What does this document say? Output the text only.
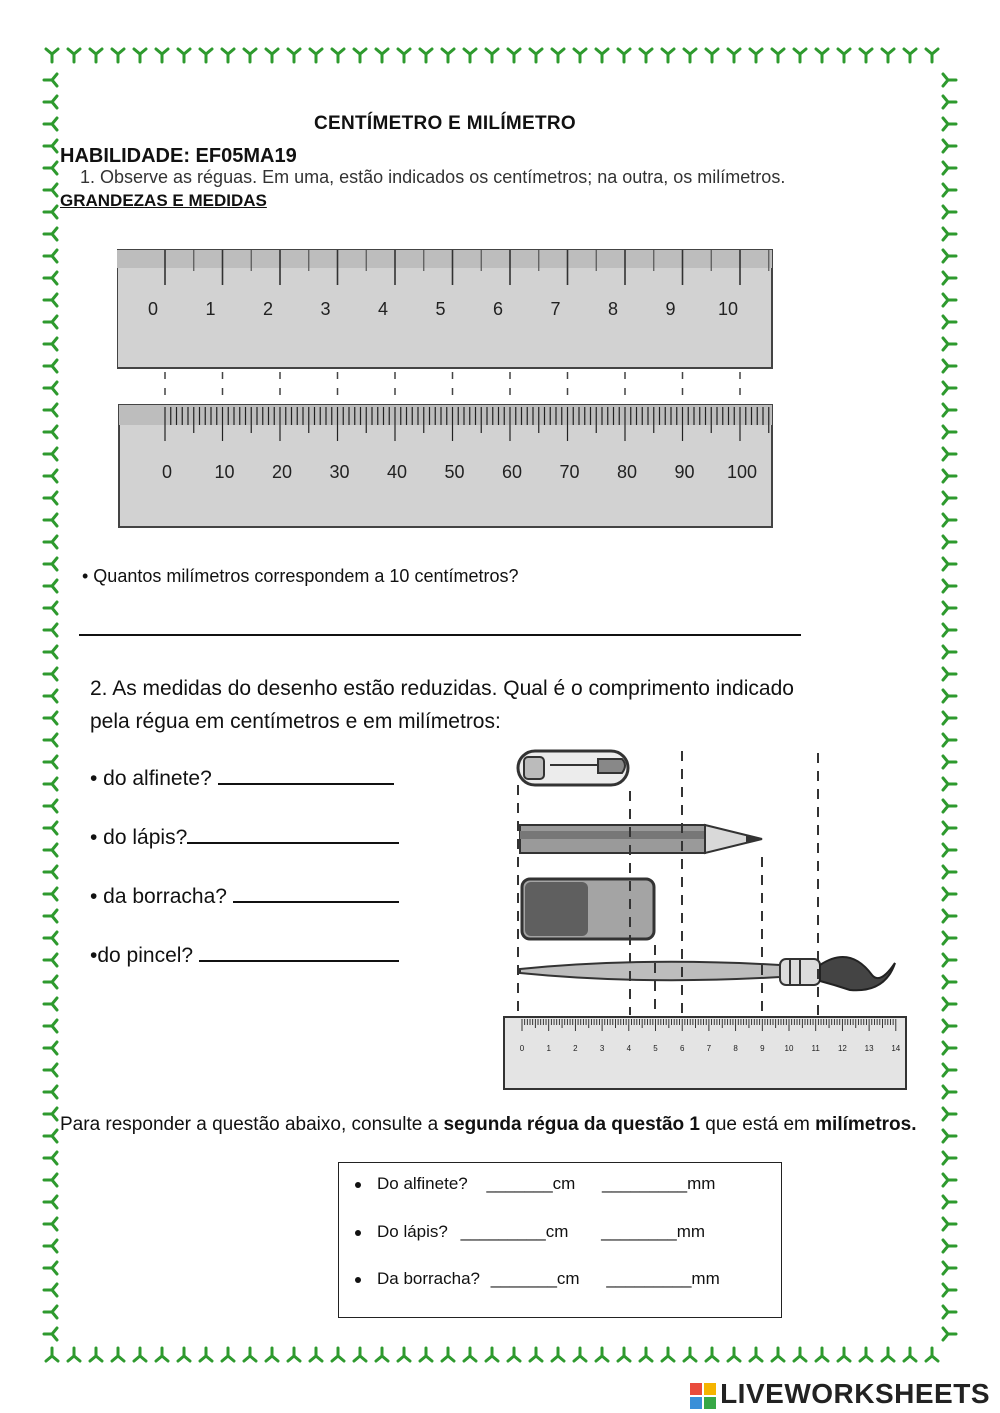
CENTÍMETRO E MILÍMETRO
1. Observe as réguas. Em uma, estão indicados os centímetros; na outra, os milímetros.
HABILIDADE: EF05MA19
GRANDEZAS E MEDIDAS
0	1	2	3	4	5	6	7	8	9 10
0 10 20 30 40 50 60 70 80 90 100
• Quantos milímetros correspondem a 10 centímetros?
2. As medidas do desenho estão reduzidas. Qual é o comprimento indicado pela régua em centímetros e em milímetros:
• do alfinete?
• do lápis?
• da borracha?
•do pincel?
0	1	2	3	4	5	6	7	8	9	10 11 12 13 14
Para responder a questão abaixo, consulte a segunda régua da questão 1 que está em milímetros.
Do alfinete? _______cm _________mm
Do lápis? _________cm ________mm
Da borracha? _______cm _________mm
LIVEWORKSHEETS
